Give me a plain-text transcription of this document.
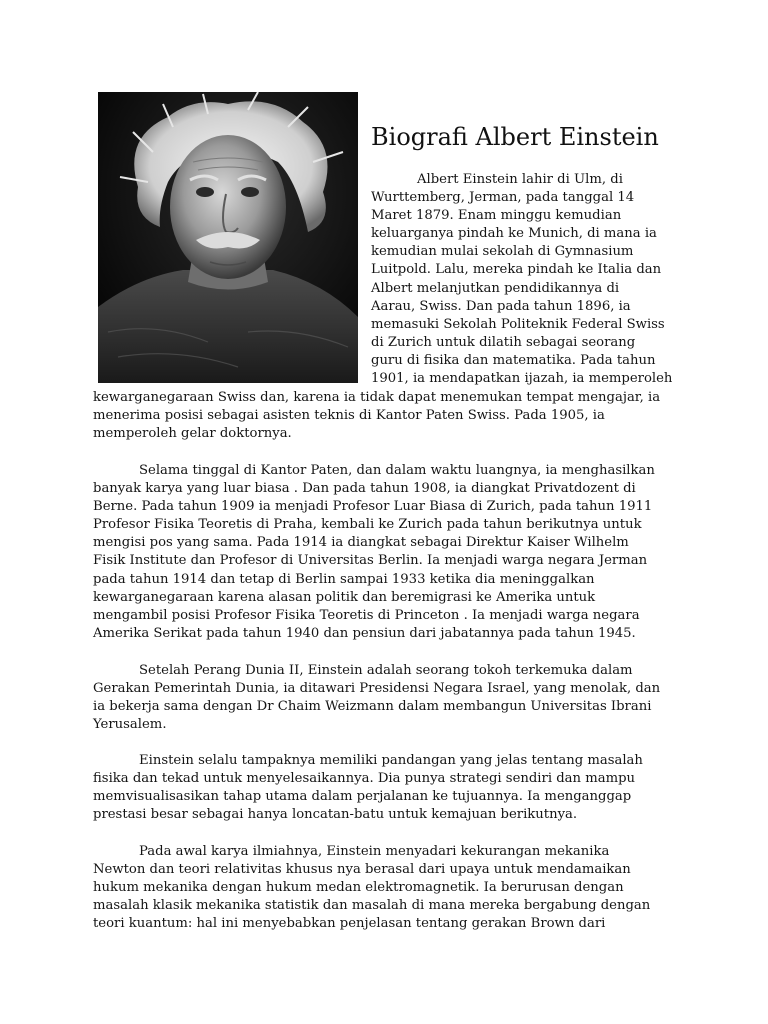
Biografi Albert Einstein

Albert Einstein lahir di Ulm, di
Wurttemberg, Jerman, pada tanggal 14
Maret 1879. Enam minggu kemudian
keluarganya pindah ke Munich, di mana ia
kemudian mulai sekolah di Gymnasium
Luitpold. Lalu, mereka pindah ke Italia dan
Albert melanjutkan pendidikannya di
Aarau, Swiss. Dan pada tahun 1896, ia
memasuki Sekolah Politeknik Federal Swiss
di Zurich untuk dilatih sebagai seorang
guru di fisika dan matematika. Pada tahun
1901, ia mendapatkan ijazah, ia memperoleh

kewarganegaraan Swiss dan, karena ia tidak dapat menemukan tempat mengajar, ia
menerima posisi sebagai asisten teknis di Kantor Paten Swiss. Pada 1905, ia
memperoleh gelar doktornya.

Selama tinggal di Kantor Paten, dan dalam waktu luangnya, ia menghasilkan
banyak karya yang luar biasa . Dan pada tahun 1908, ia diangkat Privatdozent di
Berne. Pada tahun 1909 ia menjadi Profesor Luar Biasa di Zurich, pada tahun 1911
Profesor Fisika Teoretis di Praha, kembali ke Zurich pada tahun berikutnya untuk
mengisi pos yang sama. Pada 1914 ia diangkat sebagai Direktur Kaiser Wilhelm
Fisik Institute dan Profesor di Universitas Berlin. Ia menjadi warga negara Jerman
pada tahun 1914 dan tetap di Berlin sampai 1933 ketika dia meninggalkan
kewarganegaraan karena alasan politik dan beremigrasi ke Amerika untuk
mengambil posisi Profesor Fisika Teoretis di Princeton . Ia menjadi warga negara
Amerika Serikat pada tahun 1940 dan pensiun dari jabatannya pada tahun 1945.

Setelah Perang Dunia II, Einstein adalah seorang tokoh terkemuka dalam
Gerakan Pemerintah Dunia, ia ditawari Presidensi Negara Israel, yang menolak, dan
ia bekerja sama dengan Dr Chaim Weizmann dalam membangun Universitas Ibrani
Yerusalem.

Einstein selalu tampaknya memiliki pandangan yang jelas tentang masalah
fisika dan tekad untuk menyelesaikannya. Dia punya strategi sendiri dan mampu
memvisualisasikan tahap utama dalam perjalanan ke tujuannya. Ia menganggap
prestasi besar sebagai hanya loncatan-batu untuk kemajuan berikutnya.

Pada awal karya ilmiahnya, Einstein menyadari kekurangan mekanika
Newton dan teori relativitas khusus nya berasal dari upaya untuk mendamaikan
hukum mekanika dengan hukum medan elektromagnetik. Ia berurusan dengan
masalah klasik mekanika statistik dan masalah di mana mereka bergabung dengan
teori kuantum: hal ini menyebabkan penjelasan tentang gerakan Brown dari
